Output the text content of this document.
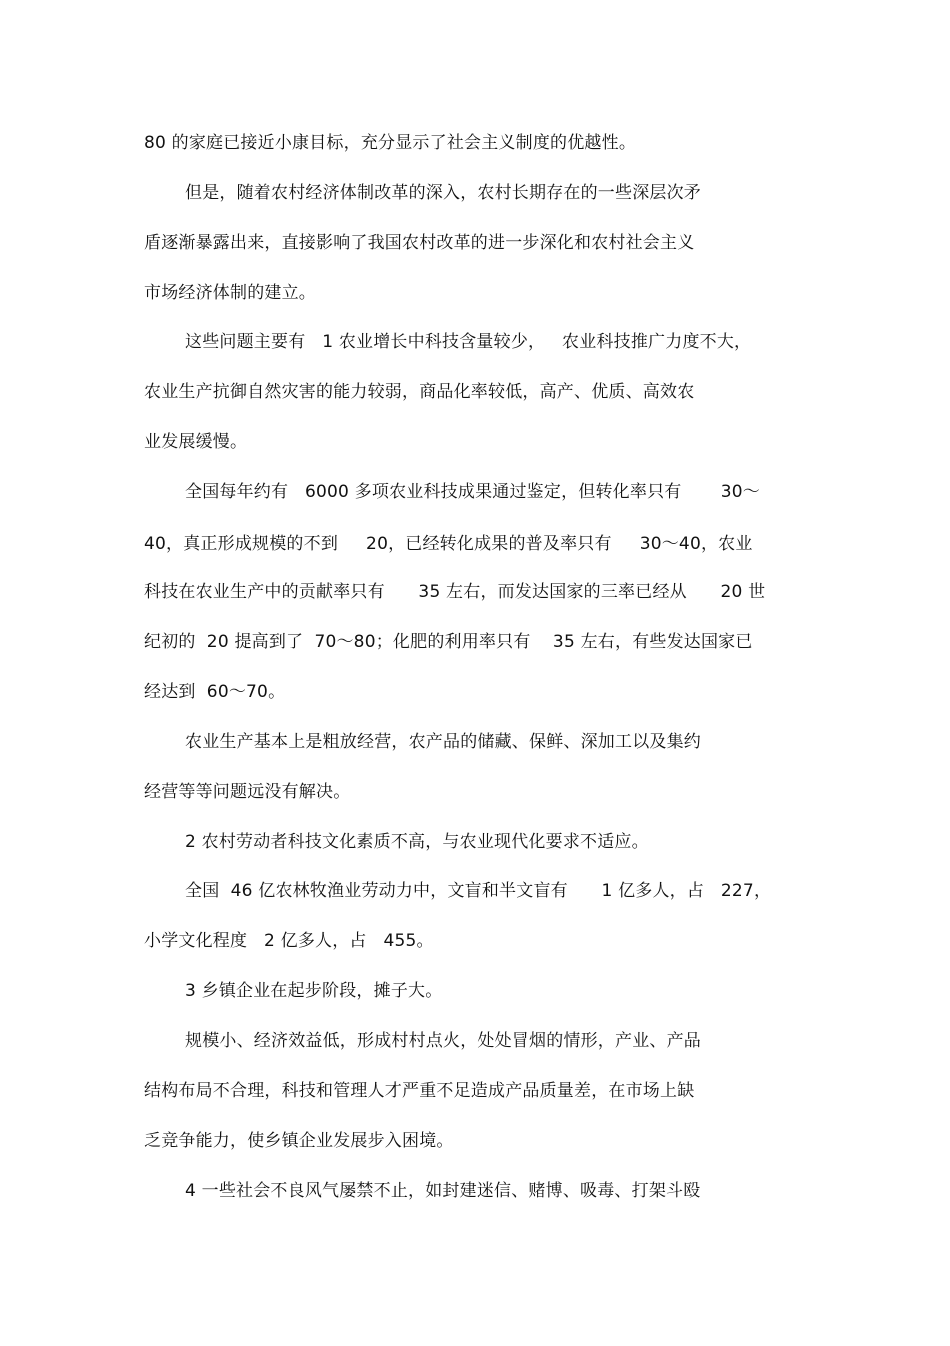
80 的家庭已接近小康目标，充分显示了社会主义制度的优越性。
但是，随着农村经济体制改革的深入，农村长期存在的一些深层次矛
盾逐渐暴露出来，直接影响了我国农村改革的进一步深化和农村社会主义
市场经济体制的建立。
这些问题主要有   1 农业增长中科技含量较少，   农业科技推广力度不大，
农业生产抗御自然灾害的能力较弱，商品化率较低，高产、优质、高效农
业发展缓慢。
全国每年约有   6000 多项农业科技成果通过鉴定，但转化率只有       30～
40，真正形成规模的不到     20，已经转化成果的普及率只有     30～40，农业
科技在农业生产中的贡献率只有      35 左右，而发达国家的三率已经从      20 世
纪初的  20 提高到了  70～80；化肥的利用率只有    35 左右，有些发达国家已
经达到  60～70。
农业生产基本上是粗放经营，农产品的储藏、保鲜、深加工以及集约
经营等等问题远没有解决。
2 农村劳动者科技文化素质不高，与农业现代化要求不适应。
全国  46 亿农林牧渔业劳动力中，文盲和半文盲有      1 亿多人，占   227，
小学文化程度   2 亿多人，占   455。
3 乡镇企业在起步阶段，摊子大。
规模小、经济效益低，形成村村点火，处处冒烟的情形，产业、产品
结构布局不合理，科技和管理人才严重不足造成产品质量差，在市场上缺
乏竞争能力，使乡镇企业发展步入困境。
4 一些社会不良风气屡禁不止，如封建迷信、赌博、吸毒、打架斗殴
